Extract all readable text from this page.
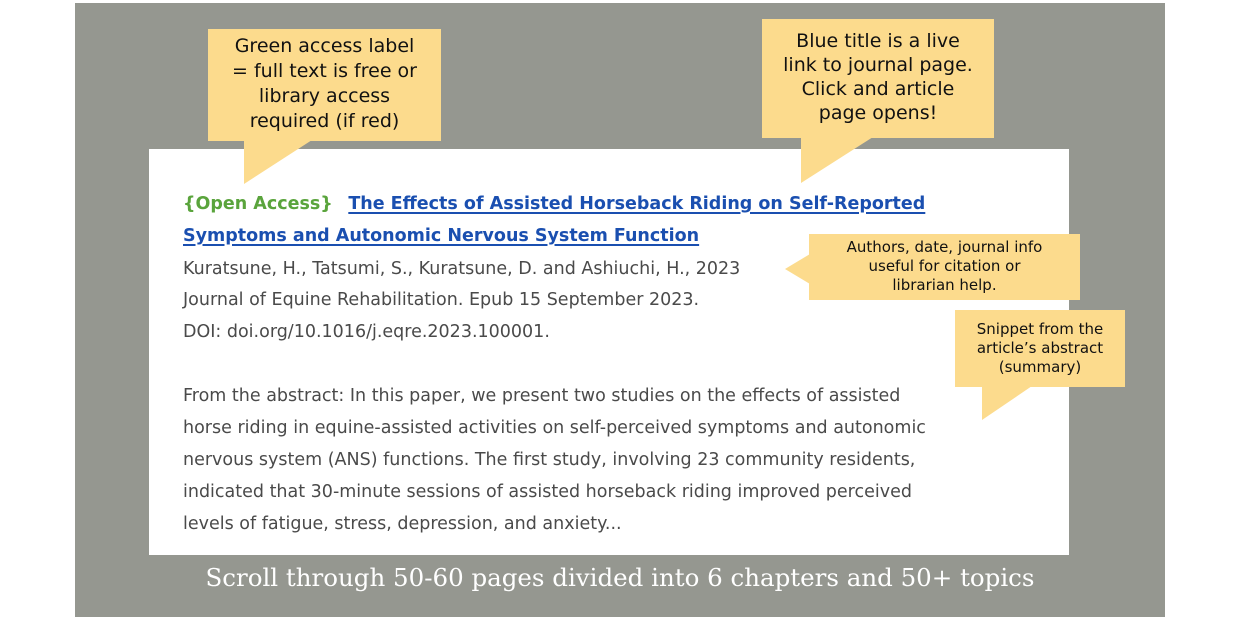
{Open Access} The Effects of Assisted Horseback Riding on Self-Reported
Symptoms and Autonomic Nervous System Function

Kuratsune, H., Tatsumi, S., Kuratsune, D. and Ashiuchi, H., 2023

Journal of Equine Rehabilitation. Epub 15 September 2023.

DOI: doi.org/10.1016/j.eqre.2023.100001.

From the abstract: In this paper, we present two studies on the effects of assisted

horse riding in equine-assisted activities on self-perceived symptoms and autonomic

nervous system (ANS) functions. The first study, involving 23 community residents,

indicated that 30-minute sessions of assisted horseback riding improved perceived

levels of fatigue, stress, depression, and anxiety...

Green access label
= full text is free or
library access
required (if red)
Blue title is a live
link to journal page.
Click and article
page opens!
Authors, date, journal info
useful for citation or
librarian help.
Snippet from the
article’s abstract
(summary)
Scroll through 50-60 pages divided into 6 chapters and 50+ topics
